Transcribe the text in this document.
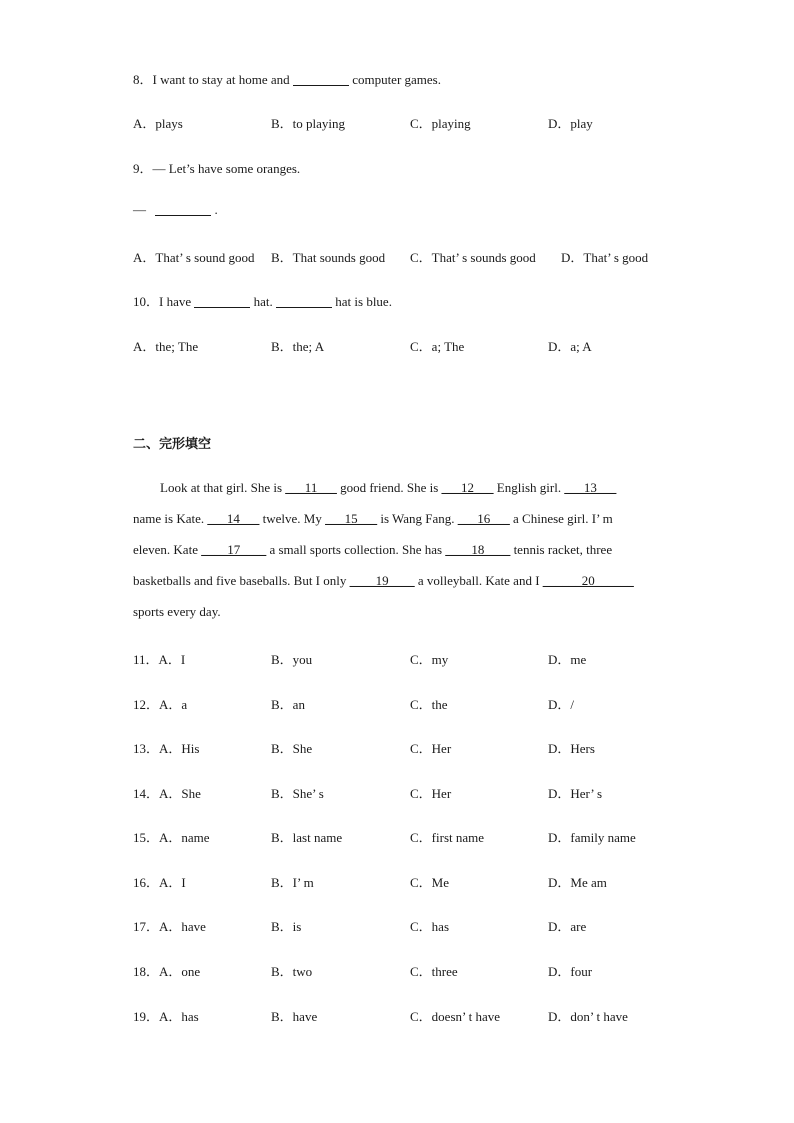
8．I want to stay at home and	computer games.
A．plays	B．to playing	C．playing	D．play
9．— Let’s have some oranges.
—	.
A．That’ s sound good B．That sounds good C．That’ s sounds good D．That’ s good
10．I have	hat.	hat is blue.
A．the; The	B．the; A	C．a; The	D．a; A
二、完形填空
Look at that girl. She is ___11___ good friend. She is ___12___ English girl. ___13___
name is Kate. ___14___ twelve. My ___15___ is Wang Fang. ___16___ a Chinese girl. I’ m
eleven. Kate ____17____ a small sports collection. She has ____18____ tennis racket, three
basketballs and five baseballs. But I only ____19____ a volleyball. Kate and I ______20______
sports every day.
11．A．I	B．you	C．my	D．me
12．A．a	B．an	C．the	D．/
13．A．His	B．She	C．Her	D．Hers
14．A．She	B．She’ s	C．Her	D．Her’ s
15．A．name	B．last name	C．first name	D．family name
16．A．I	B．I’ m	C．Me	D．Me am
17．A．have	B．is	C．has	D．are
18．A．one	B．two	C．three	D．four
19．A．has	B．have	C．doesn’ t have	D．don’ t have
